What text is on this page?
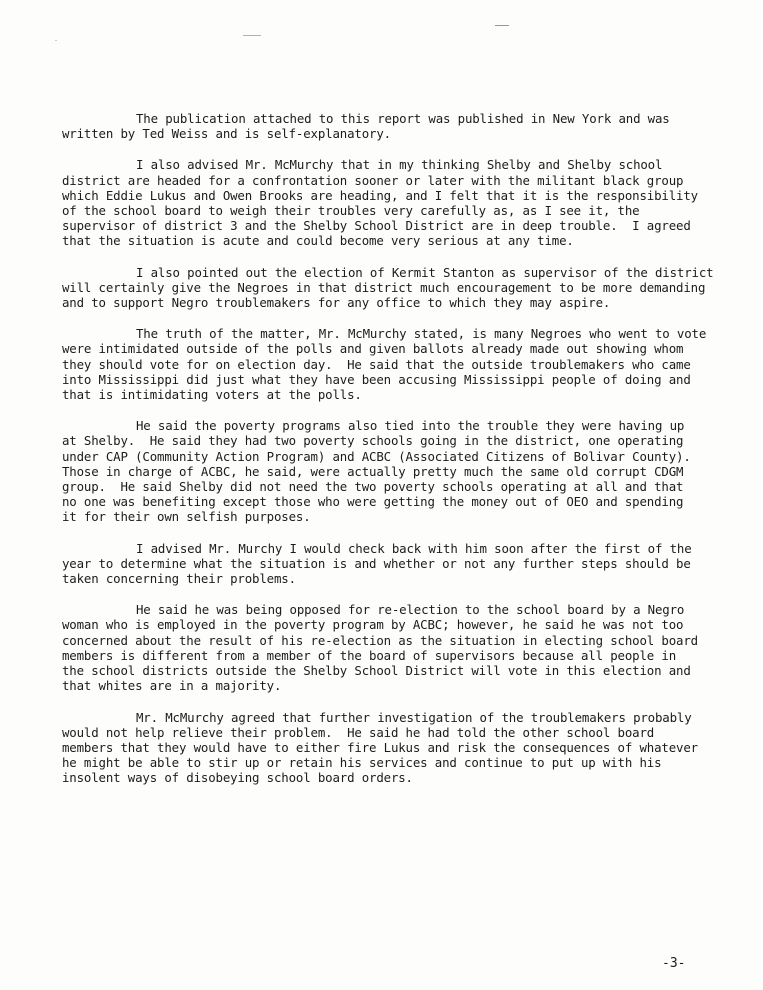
The publication attached to this report was published in New York and was
written by Ted Weiss and is self-explanatory.
I also advised Mr. McMurchy that in my thinking Shelby and Shelby school
district are headed for a confrontation sooner or later with the militant black group
which Eddie Lukus and Owen Brooks are heading, and I felt that it is the responsibility
of the school board to weigh their troubles very carefully as, as I see it, the
supervisor of district 3 and the Shelby School District are in deep trouble.  I agreed
that the situation is acute and could become very serious at any time.
I also pointed out the election of Kermit Stanton as supervisor of the district
will certainly give the Negroes in that district much encouragement to be more demanding
and to support Negro troublemakers for any office to which they may aspire.
The truth of the matter, Mr. McMurchy stated, is many Negroes who went to vote
were intimidated outside of the polls and given ballots already made out showing whom
they should vote for on election day.  He said that the outside troublemakers who came
into Mississippi did just what they have been accusing Mississippi people of doing and
that is intimidating voters at the polls.
He said the poverty programs also tied into the trouble they were having up
at Shelby.  He said they had two poverty schools going in the district, one operating
under CAP (Community Action Program) and ACBC (Associated Citizens of Bolivar County).
Those in charge of ACBC, he said, were actually pretty much the same old corrupt CDGM
group.  He said Shelby did not need the two poverty schools operating at all and that
no one was benefiting except those who were getting the money out of OEO and spending
it for their own selfish purposes.
I advised Mr. Murchy I would check back with him soon after the first of the
year to determine what the situation is and whether or not any further steps should be
taken concerning their problems.
He said he was being opposed for re-election to the school board by a Negro
woman who is employed in the poverty program by ACBC; however, he said he was not too
concerned about the result of his re-election as the situation in electing school board
members is different from a member of the board of supervisors because all people in
the school districts outside the Shelby School District will vote in this election and
that whites are in a majority.
Mr. McMurchy agreed that further investigation of the troublemakers probably
would not help relieve their problem.  He said he had told the other school board
members that they would have to either fire Lukus and risk the consequences of whatever
he might be able to stir up or retain his services and continue to put up with his
insolent ways of disobeying school board orders.
-3-
